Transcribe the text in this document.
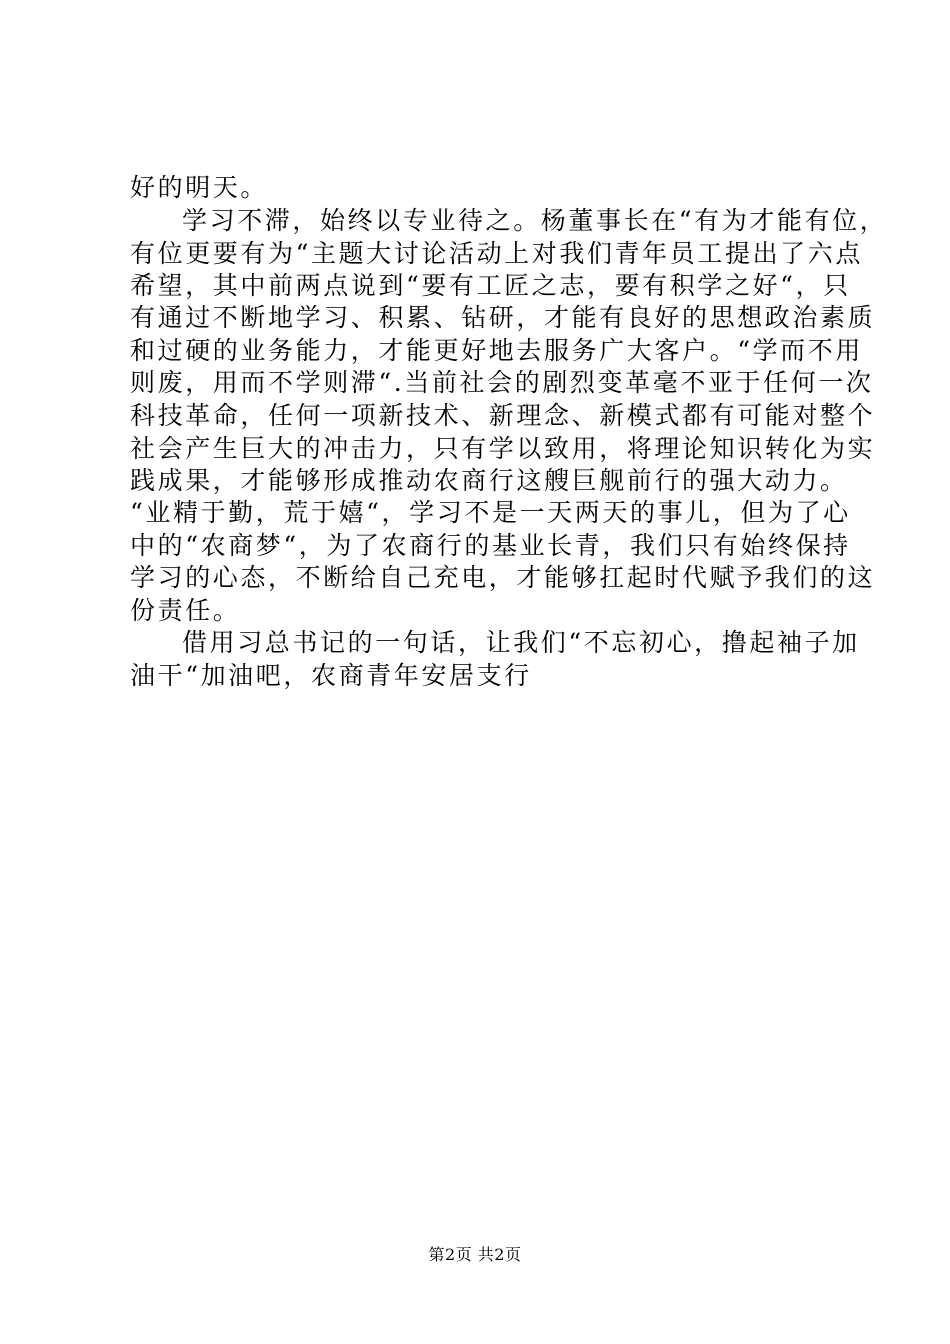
好的明天。
学习不滞，始终以专业待之。杨董事长在“有为才能有位，
有位更要有为“主题大讨论活动上对我们青年员工提出了六点
希望，其中前两点说到“要有工匠之志，要有积学之好“，只
有通过不断地学习、积累、钻研，才能有良好的思想政治素质
和过硬的业务能力，才能更好地去服务广大客户。“学而不用
则废，用而不学则滞“.当前社会的剧烈变革毫不亚于任何一次
科技革命，任何一项新技术、新理念、新模式都有可能对整个
社会产生巨大的冲击力，只有学以致用，将理论知识转化为实
践成果，才能够形成推动农商行这艘巨舰前行的强大动力。
“业精于勤，荒于嬉“，学习不是一天两天的事儿，但为了心
中的“农商梦“，为了农商行的基业长青，我们只有始终保持
学习的心态，不断给自己充电，才能够扛起时代赋予我们的这
份责任。
借用习总书记的一句话，让我们“不忘初心，撸起袖子加
油干“加油吧，农商青年安居支行
第2页 共2页
